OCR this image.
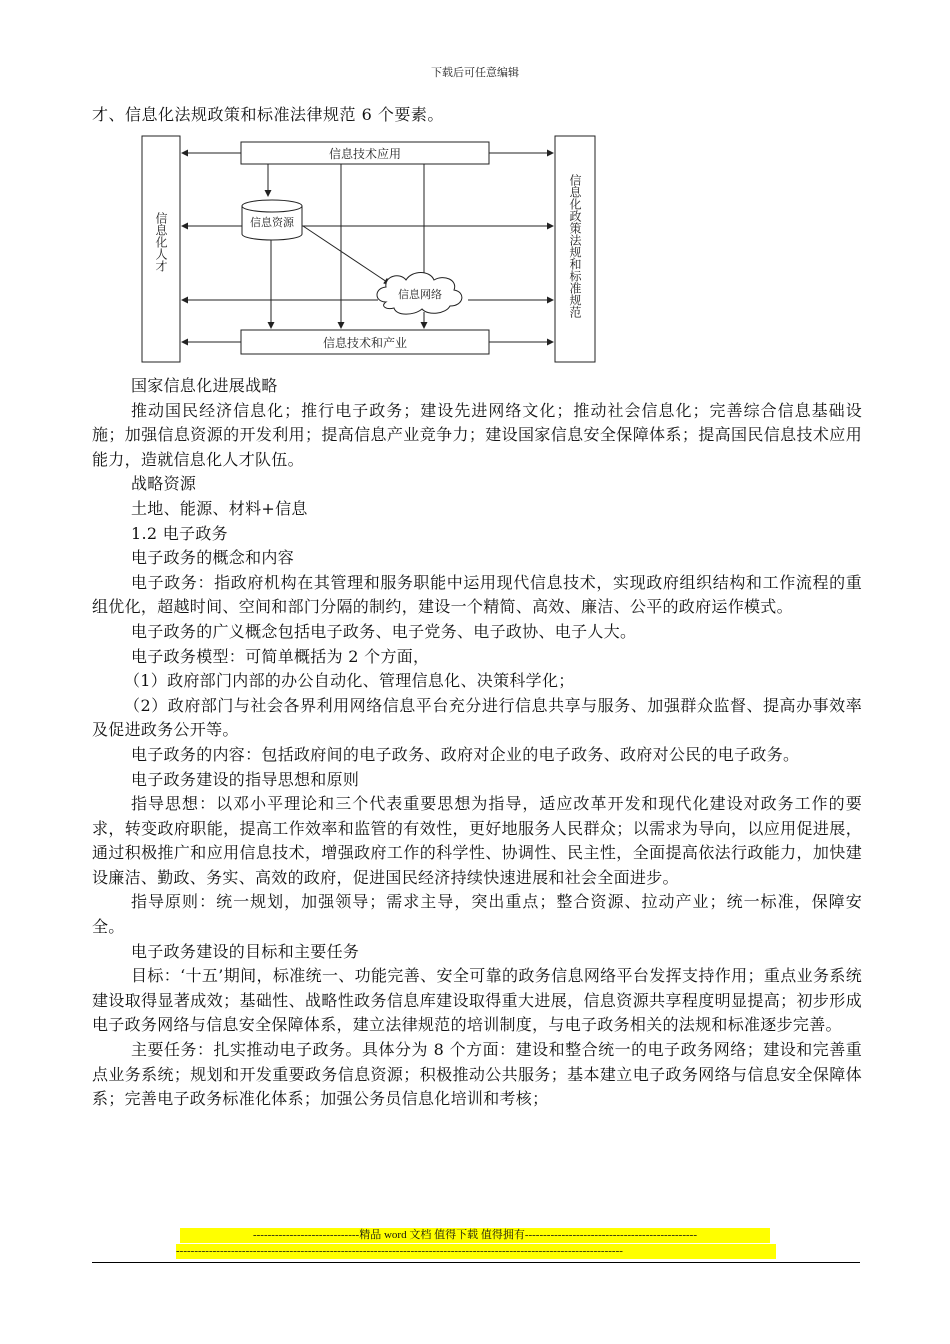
下载后可任意编辑
才、信息化法规政策和标准法律规范 6 个要素。
信息技术应用
信息技术和产业
信息资源
信息网络
信息化人才	信息化政策法规和标准规范

国家信息化进展战略

推动国民经济信息化；推行电子政务；建设先进网络文化；推动社会信息化；完善综合信息基础设施；加强信息资源的开发利用；提高信息产业竞争力；建设国家信息安全保障体系；提高国民信息技术应用能力，造就信息化人才队伍。

战略资源

土地、能源、材料+信息

1.2 电子政务

电子政务的概念和内容

电子政务：指政府机构在其管理和服务职能中运用现代信息技术，实现政府组织结构和工作流程的重组优化，超越时间、空间和部门分隔的制约，建设一个精简、高效、廉洁、公平的政府运作模式。

电子政务的广义概念包括电子政务、电子党务、电子政协、电子人大。

电子政务模型：可简单概括为 2 个方面，

（1）政府部门内部的办公自动化、管理信息化、决策科学化；

（2）政府部门与社会各界利用网络信息平台充分进行信息共享与服务、加强群众监督、提高办事效率及促进政务公开等。

电子政务的内容：包括政府间的电子政务、政府对企业的电子政务、政府对公民的电子政务。

电子政务建设的指导思想和原则

指导思想：以邓小平理论和三个代表重要思想为指导，适应改革开发和现代化建设对政务工作的要求，转变政府职能，提高工作效率和监管的有效性，更好地服务人民群众；以需求为导向，以应用促进展，通过积极推广和应用信息技术，增强政府工作的科学性、协调性、民主性，全面提高依法行政能力，加快建设廉洁、勤政、务实、高效的政府，促进国民经济持续快速进展和社会全面进步。

指导原则：统一规划，加强领导；需求主导，突出重点；整合资源、拉动产业；统一标准，保障安全。

电子政务建设的目标和主要任务

目标：‘十五’期间，标准统一、功能完善、安全可靠的政务信息网络平台发挥支持作用；重点业务系统建设取得显著成效；基础性、战略性政务信息库建设取得重大进展，信息资源共享程度明显提高；初步形成电子政务网络与信息安全保障体系，建立法律规范的培训制度，与电子政务相关的法规和标准逐步完善。

主要任务：扎实推动电子政务。具体分为 8 个方面：建设和整合统一的电子政务网络；建设和完善重点业务系统；规划和开发重要政务信息资源；积极推动公共服务；基本建立电子政务网络与信息安全保障体系；完善电子政务标准化体系；加强公务员信息化培训和考核；

-----------------------------精品 word 文档 值得下载 值得拥有-----------------------------------------------
--------------------------------------------------------------------------------------------------------------------------
